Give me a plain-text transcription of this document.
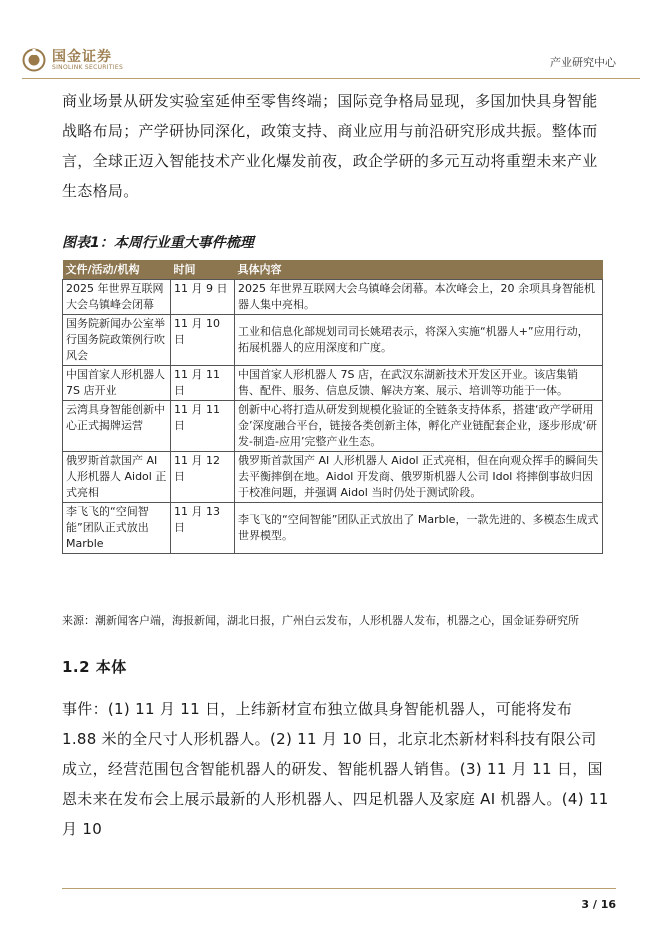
国金证券
SINOLINK SECURITIES	产业研究中心

商业场景从研发实验室延伸至零售终端；国际竞争格局显现，多国加快具身智能战略布局；产学研协同深化，政策支持、商业应用与前沿研究形成共振。整体而言，全球正迈入智能技术产业化爆发前夜，政企学研的多元互动将重塑未来产业生态格局。

图表1：本周行业重大事件梳理
文件/活动/机构	时间	具体内容
2025 年世界互联网大会乌镇峰会闭幕	11 月 9 日	2025 年世界互联网大会乌镇峰会闭幕。本次峰会上，20 余项具身智能机器人集中亮相。
国务院新闻办公室举行国务院政策例行吹风会	11 月 10 日	工业和信息化部规划司司长姚珺表示，将深入实施“机器人+”应用行动，拓展机器人的应用深度和广度。
中国首家人形机器人 7S 店开业	11 月 11 日	中国首家人形机器人 7S 店，在武汉东湖新技术开发区开业。该店集销售、配件、服务、信息反馈、解决方案、展示、培训等功能于一体。
云湾具身智能创新中心正式揭牌运营	11 月 11 日	创新中心将打造从研发到规模化验证的全链条支持体系，搭建‘政产学研用金’深度融合平台，链接各类创新主体，孵化产业链配套企业，逐步形成‘研发-制造-应用’完整产业生态。
俄罗斯首款国产 AI 人形机器人 Aidol 正式亮相	11 月 12 日	俄罗斯首款国产 AI 人形机器人 Aidol 正式亮相，但在向观众挥手的瞬间失去平衡摔倒在地。Aidol 开发商、俄罗斯机器人公司 Idol 将摔倒事故归因于校准问题，并强调 Aidol 当时仍处于测试阶段。
李飞飞的“空间智能”团队正式放出 Marble	11 月 13 日	李飞飞的“空间智能”团队正式放出了 Marble，一款先进的、多模态生成式世界模型。
来源：潮新闻客户端，海报新闻，湖北日报，广州白云发布，人形机器人发布，机器之心，国金证券研究所
1.2 本体

事件：(1) 11 月 11 日，上纬新材宣布独立做具身智能机器人，可能将发布 1.88 米的全尺寸人形机器人。(2) 11 月 10 日，北京北杰新材料科技有限公司成立，经营范围包含智能机器人的研发、智能机器人销售。(3) 11 月 11 日，国恩未来在发布会上展示最新的人形机器人、四足机器人及家庭 AI 机器人。(4) 11 月 10

3 / 16
